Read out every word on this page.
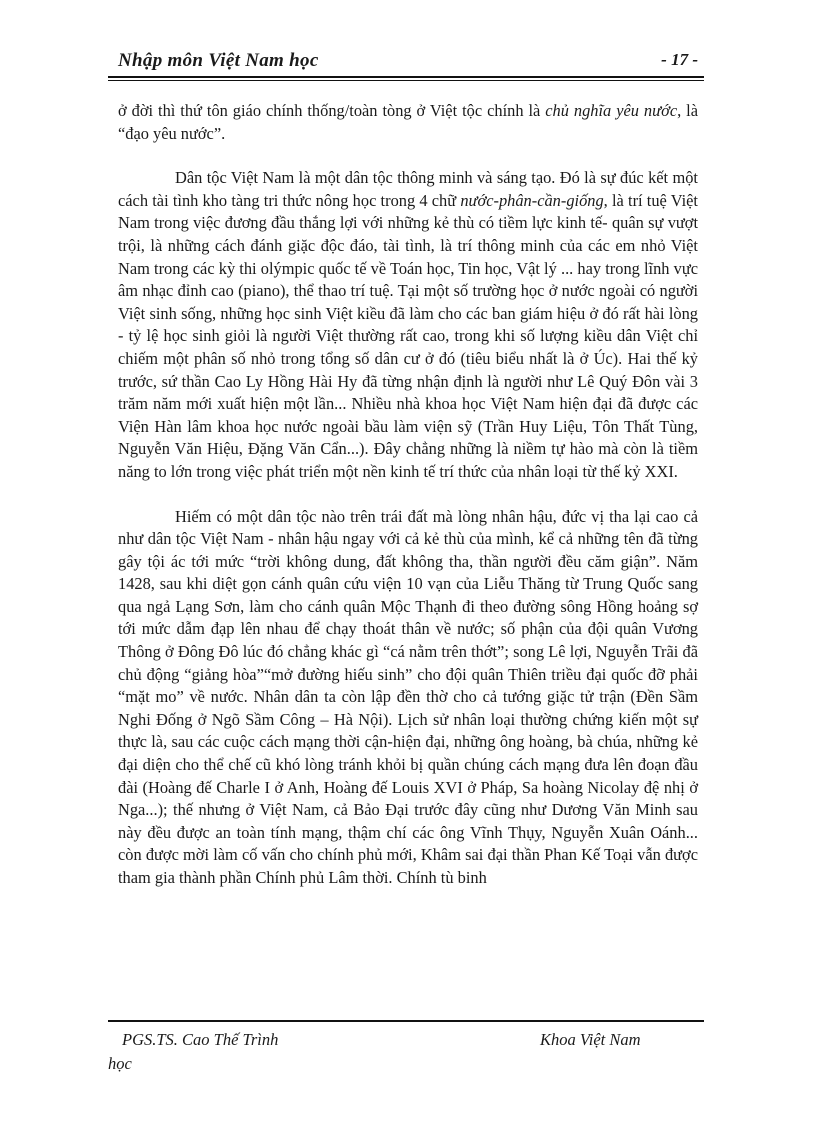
Nhập môn Việt Nam học	- 17 -

ở đời thì thứ tôn giáo chính thống/toàn tòng ở Việt tộc chính là chủ nghĩa yêu nước, là “đạo yêu nước”.

Dân tộc Việt Nam là một dân tộc thông minh và sáng tạo. Đó là sự đúc kết một cách tài tình kho tàng tri thức nông học trong 4 chữ nước-phân-cần-giống, là trí tuệ Việt Nam trong việc đương đầu thắng lợi với những kẻ thù có tiềm lực kinh tế- quân sự vượt trội, là những cách đánh giặc độc đáo, tài tình, là trí thông minh của các em nhỏ Việt Nam trong các kỳ thi olýmpic quốc tế về Toán học, Tin học, Vật lý ... hay trong lĩnh vực âm nhạc đỉnh cao (piano), thể thao trí tuệ. Tại một số trường học ở nước ngoài có người Việt sinh sống, những học sinh Việt kiều đã làm cho các ban giám hiệu ở đó rất hài lòng - tỷ lệ học sinh giỏi là người Việt thường rất cao, trong khi số lượng kiều dân Việt chỉ chiếm một phân số nhỏ trong tổng số dân cư ở đó (tiêu biểu nhất là ở Úc). Hai thế kỷ trước, sứ thần Cao Ly Hồng Hài Hy đã từng nhận định là người như Lê Quý Đôn vài 3 trăm năm mới xuất hiện một lần... Nhiều nhà khoa học Việt Nam hiện đại đã được các Viện Hàn lâm khoa học nước ngoài bầu làm viện sỹ (Trần Huy Liệu, Tôn Thất Tùng, Nguyễn Văn Hiệu, Đặng Văn Cẩn...). Đây chẳng những là niềm tự hào mà còn là tiềm năng to lớn trong việc phát triển một nền kinh tế trí thức của nhân loại từ thế kỷ XXI.

Hiếm có một dân tộc nào trên trái đất mà lòng nhân hậu, đức vị tha lại cao cả như dân tộc Việt Nam - nhân hậu ngay với cả kẻ thù của mình, kể cả những tên đã từng gây tội ác tới mức “trời không dung, đất không tha, thần người đều căm giận”. Năm 1428, sau khi diệt gọn cánh quân cứu viện 10 vạn của Liễu Thăng từ Trung Quốc sang qua ngả Lạng Sơn, làm cho cánh quân Mộc Thạnh đi theo đường sông Hồng hoảng sợ tới mức dẫm đạp lên nhau để chạy thoát thân về nước; số phận của đội quân Vương Thông ở Đông Đô lúc đó chẳng khác gì “cá nằm trên thớt”; song Lê lợi, Nguyễn Trãi đã chủ động “giảng hòa”“mở đường hiếu sinh” cho đội quân Thiên triều đại quốc đỡ phải “mặt mo” về nước. Nhân dân ta còn lập đền thờ cho cả tướng giặc tử trận (Đền Sầm Nghi Đống ở Ngõ Sầm Công – Hà Nội). Lịch sử nhân loại thường chứng kiến một sự thực là, sau các cuộc cách mạng thời cận-hiện đại, những ông hoàng, bà chúa, những kẻ đại diện cho thể chế cũ khó lòng tránh khỏi bị quần chúng cách mạng đưa lên đoạn đầu đài (Hoàng đế Charle I ở Anh, Hoàng đế Louis XVI ở Pháp, Sa hoàng Nicolay đệ nhị ở Nga...); thế nhưng ở Việt Nam, cả Bảo Đại trước đây cũng như Dương Văn Minh sau này đều được an toàn tính mạng, thậm chí các ông Vĩnh Thụy, Nguyễn Xuân Oánh... còn được mời làm cố vấn cho chính phủ mới, Khâm sai đại thần Phan Kế Toại vẫn được tham gia thành phần Chính phủ Lâm thời. Chính tù binh

PGS.TS. Cao Thế Trình
học
Khoa Việt Nam
